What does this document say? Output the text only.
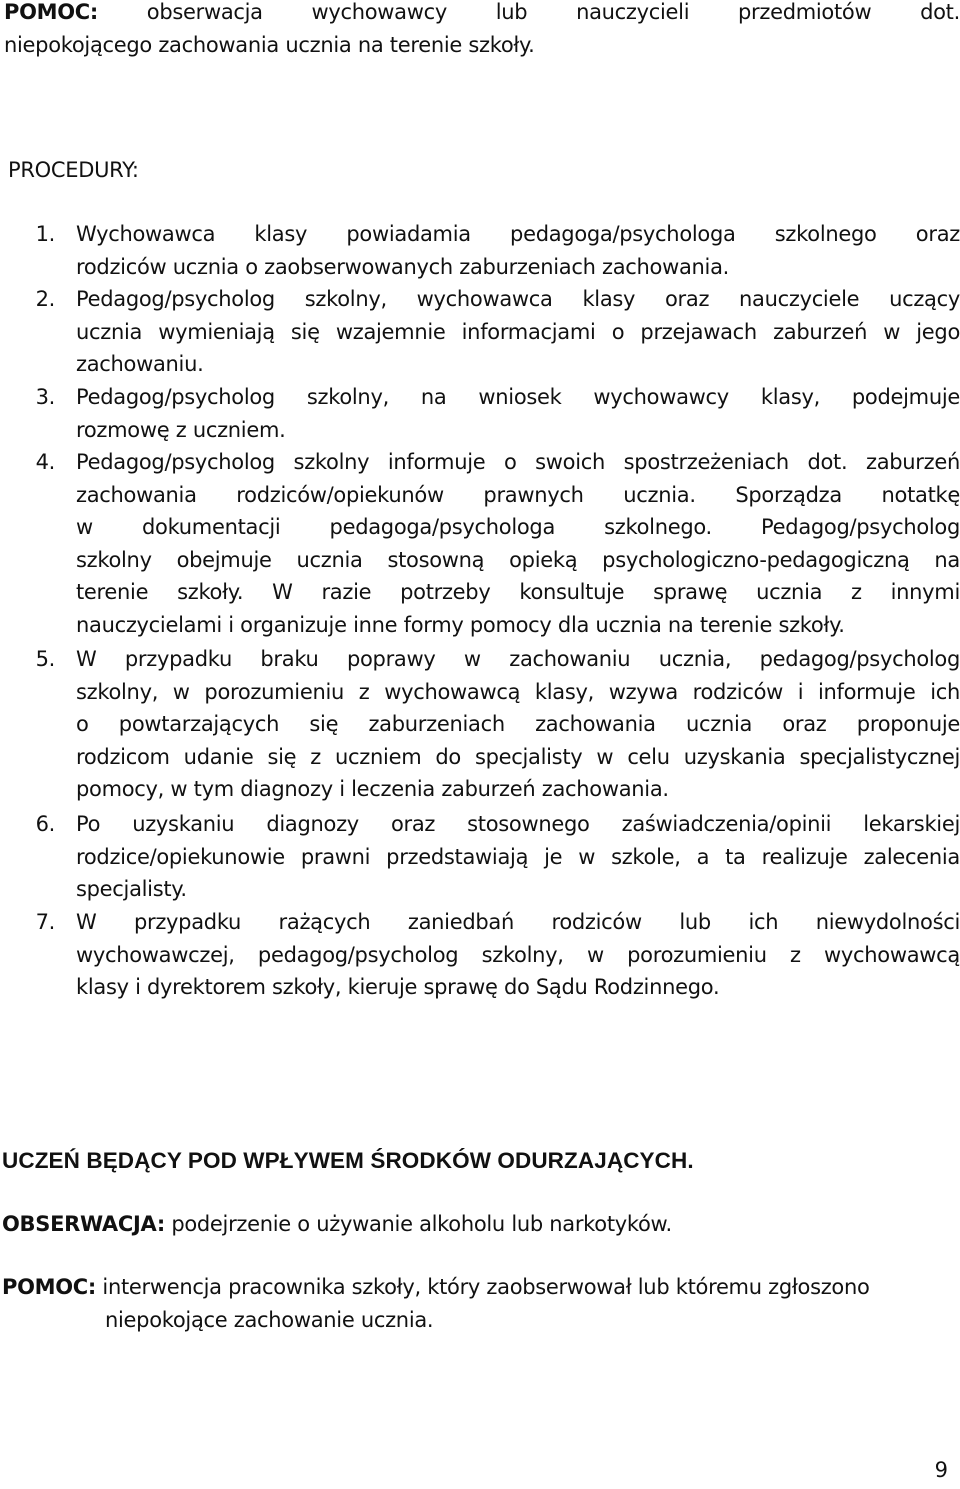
POMOC: obserwacja wychowawcy lub nauczycieli przedmiotów dot.
niepokojącego zachowania ucznia na terenie szkoły.
PROCEDURY:
1. Wychowawca klasy powiadamia pedagoga/psychologa szkolnego oraz
rodziców ucznia o zaobserwowanych zaburzeniach zachowania.
2. Pedagog/psycholog szkolny, wychowawca klasy oraz nauczyciele uczący
ucznia wymieniają się wzajemnie informacjami o przejawach zaburzeń w jego
zachowaniu.
3. Pedagog/psycholog szkolny, na wniosek wychowawcy klasy, podejmuje
rozmowę z uczniem.
4. Pedagog/psycholog szkolny informuje o swoich spostrzeżeniach dot. zaburzeń
zachowania rodziców/opiekunów prawnych ucznia. Sporządza notatkę
w dokumentacji pedagoga/psychologa szkolnego. Pedagog/psycholog
szkolny obejmuje ucznia stosowną opieką psychologiczno-pedagogiczną na
terenie szkoły. W razie potrzeby konsultuje sprawę ucznia z innymi
nauczycielami i organizuje inne formy pomocy dla ucznia na terenie szkoły.
5. W przypadku braku poprawy w zachowaniu ucznia, pedagog/psycholog
szkolny, w porozumieniu z wychowawcą klasy, wzywa rodziców i informuje ich
o powtarzających się zaburzeniach zachowania ucznia oraz proponuje
rodzicom udanie się z uczniem do specjalisty w celu uzyskania specjalistycznej
pomocy, w tym diagnozy i leczenia zaburzeń zachowania.
6. Po uzyskaniu diagnozy oraz stosownego zaświadczenia/opinii lekarskiej
rodzice/opiekunowie prawni przedstawiają je w szkole, a ta realizuje zalecenia
specjalisty.
7. W przypadku rażących zaniedbań rodziców lub ich niewydolności
wychowawczej, pedagog/psycholog szkolny, w porozumieniu z wychowawcą
klasy i dyrektorem szkoły, kieruje sprawę do Sądu Rodzinnego.
UCZEŃ BĘDĄCY POD WPŁYWEM ŚRODKÓW ODURZAJĄCYCH.
OBSERWACJA: podejrzenie o używanie alkoholu lub narkotyków.
POMOC: interwencja pracownika szkoły, który zaobserwował lub któremu zgłoszono
niepokojące zachowanie ucznia.
9
